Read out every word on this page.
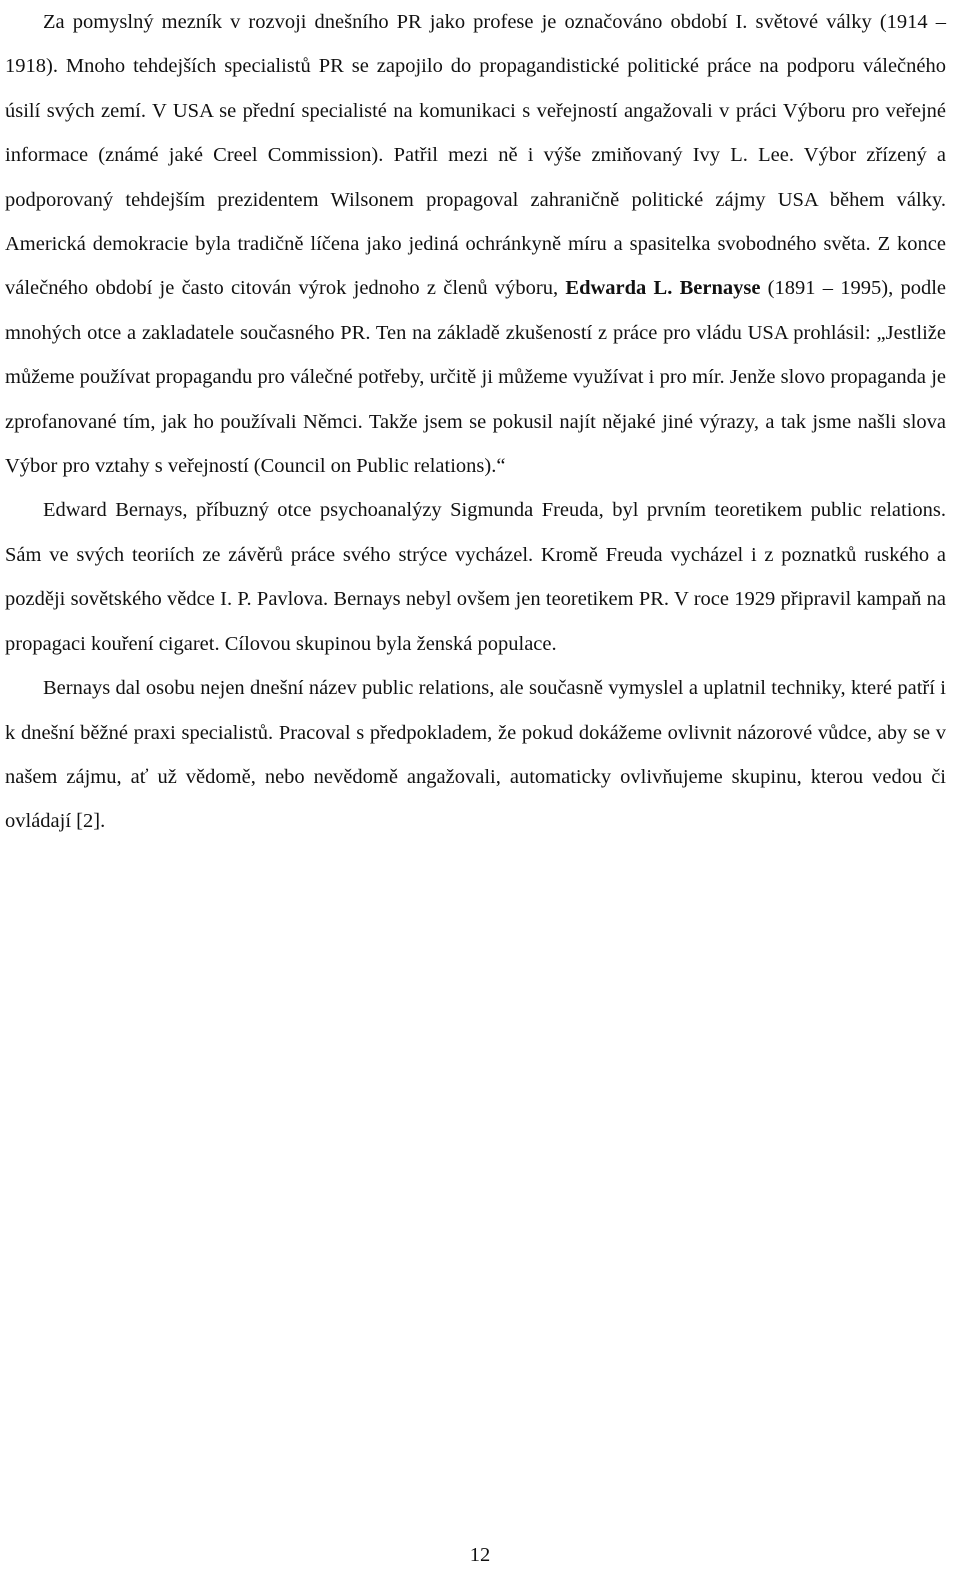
Za pomyslný mezník v rozvoji dnešního PR jako profese je označováno období I. světové války (1914 – 1918). Mnoho tehdejších specialistů PR se zapojilo do propagandistické politické práce na podporu válečného úsilí svých zemí. V USA se přední specialisté na komunikaci s veřejností angažovali v práci Výboru pro veřejné informace (známé jaké Creel Commission). Patřil mezi ně i výše zmiňovaný Ivy L. Lee. Výbor zřízený a podporovaný tehdejším prezidentem Wilsonem propagoval zahraničně politické zájmy USA během války. Americká demokracie byla tradičně líčena jako jediná ochránkyně míru a spasitelka svobodného světa. Z konce válečného období je často citován výrok jednoho z členů výboru, Edwarda L. Bernayse (1891 – 1995), podle mnohých otce a zakladatele současného PR. Ten na základě zkušeností z práce pro vládu USA prohlásil: „Jestliže můžeme používat propagandu pro válečné potřeby, určitě ji můžeme využívat i pro mír. Jenže slovo propaganda je zprofanované tím, jak ho používali Němci. Takže jsem se pokusil najít nějaké jiné výrazy, a tak jsme našli slova Výbor pro vztahy s veřejností (Council on Public relations).“

Edward Bernays, příbuzný otce psychoanalýzy Sigmunda Freuda, byl prvním teoretikem public relations. Sám ve svých teoriích ze závěrů práce svého strýce vycházel. Kromě Freuda vycházel i z poznatků ruského a později sovětského vědce I. P. Pavlova. Bernays nebyl ovšem jen teoretikem PR. V roce 1929 připravil kampaň na propagaci kouření cigaret. Cílovou skupinou byla ženská populace.

Bernays dal osobu nejen dnešní název public relations, ale současně vymyslel a uplatnil techniky, které patří i k dnešní běžné praxi specialistů. Pracoval s předpokladem, že pokud dokážeme ovlivnit názorové vůdce, aby se v našem zájmu, ať už vědomě, nebo nevědomě angažovali, automaticky ovlivňujeme skupinu, kterou vedou či ovládají [2].

12
